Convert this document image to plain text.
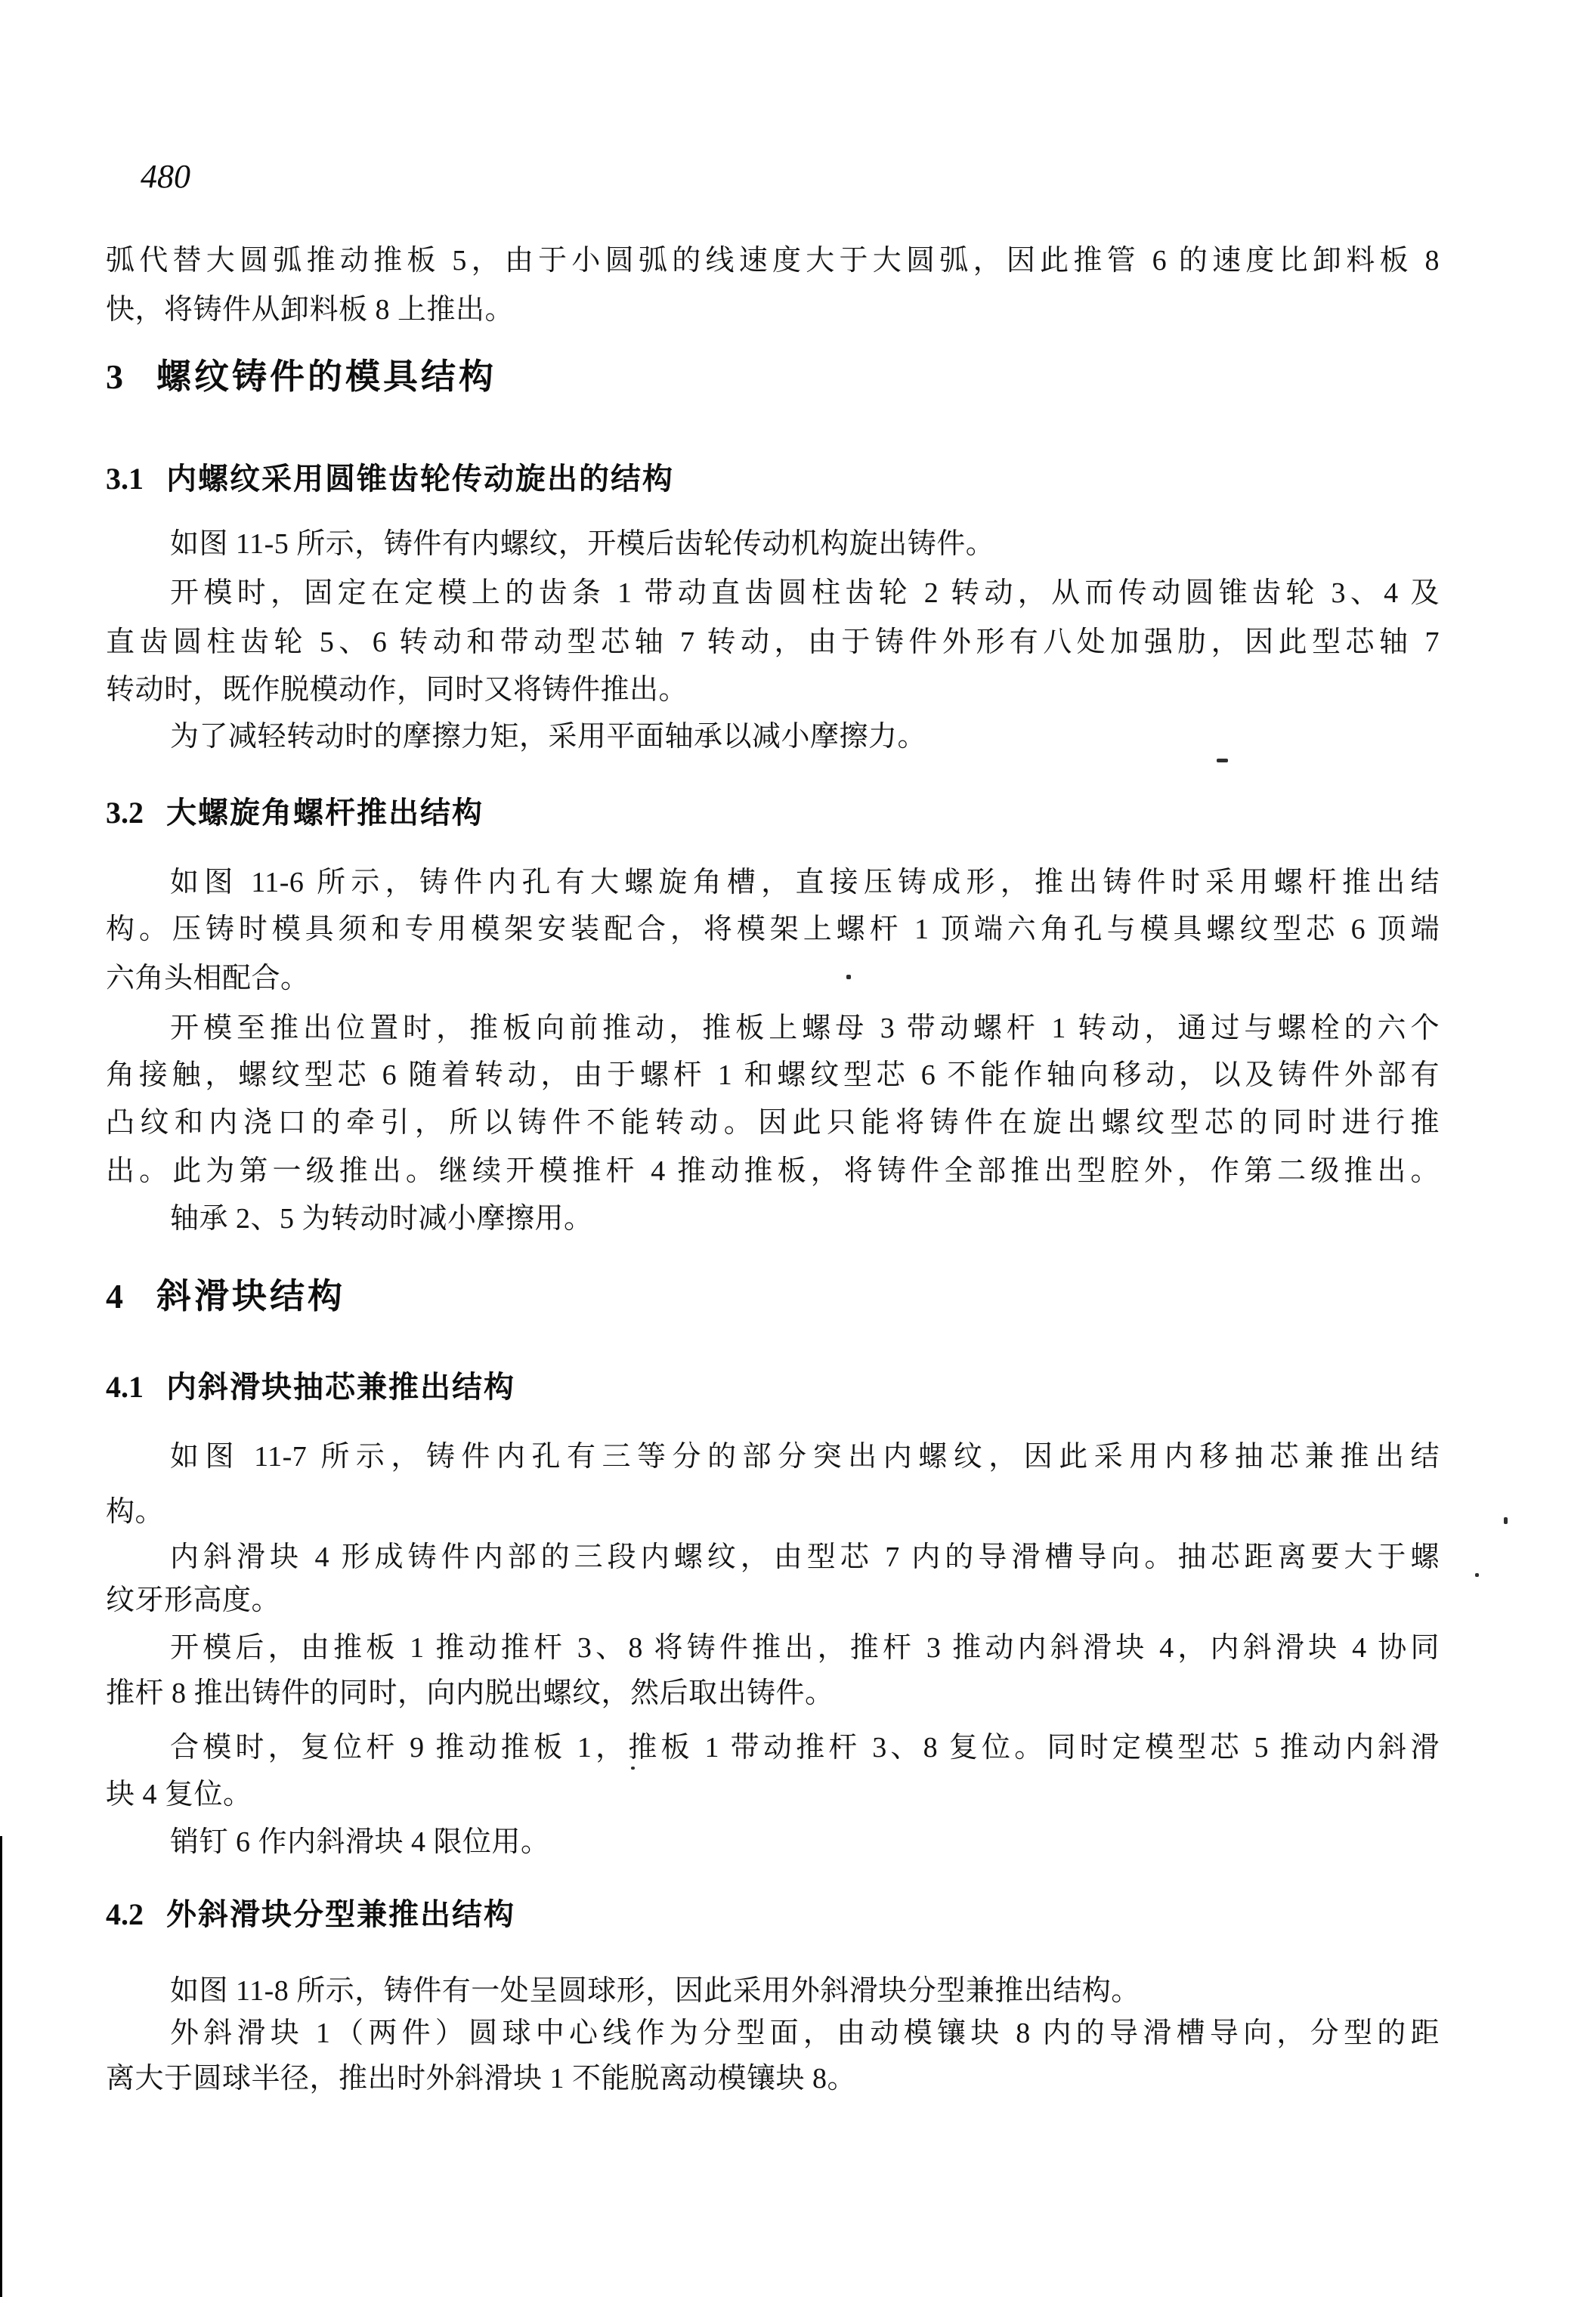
480
弧代替大圆弧推动推板 5，由于小圆弧的线速度大于大圆弧，因此推管 6 的速度比卸料板 8
快，将铸件从卸料板 8 上推出。
3 螺纹铸件的模具结构
3.1 内螺纹采用圆锥齿轮传动旋出的结构
如图 11-5 所示，铸件有内螺纹，开模后齿轮传动机构旋出铸件。
开模时，固定在定模上的齿条 1 带动直齿圆柱齿轮 2 转动，从而传动圆锥齿轮 3、4 及
直齿圆柱齿轮 5、6 转动和带动型芯轴 7 转动，由于铸件外形有八处加强肋，因此型芯轴 7
转动时，既作脱模动作，同时又将铸件推出。
为了减轻转动时的摩擦力矩，采用平面轴承以减小摩擦力。
3.2 大螺旋角螺杆推出结构
如图 11-6 所示，铸件内孔有大螺旋角槽，直接压铸成形，推出铸件时采用螺杆推出结
构。压铸时模具须和专用模架安装配合，将模架上螺杆 1 顶端六角孔与模具螺纹型芯 6 顶端
六角头相配合。
开模至推出位置时，推板向前推动，推板上螺母 3 带动螺杆 1 转动，通过与螺栓的六个
角接触，螺纹型芯 6 随着转动，由于螺杆 1 和螺纹型芯 6 不能作轴向移动，以及铸件外部有
凸纹和内浇口的牵引，所以铸件不能转动。因此只能将铸件在旋出螺纹型芯的同时进行推
出。此为第一级推出。继续开模推杆 4 推动推板，将铸件全部推出型腔外，作第二级推出。
轴承 2、5 为转动时减小摩擦用。
4 斜滑块结构
4.1 内斜滑块抽芯兼推出结构
如图 11-7 所示，铸件内孔有三等分的部分突出内螺纹，因此采用内移抽芯兼推出结
构。
内斜滑块 4 形成铸件内部的三段内螺纹，由型芯 7 内的导滑槽导向。抽芯距离要大于螺
纹牙形高度。
开模后，由推板 1 推动推杆 3、8 将铸件推出，推杆 3 推动内斜滑块 4，内斜滑块 4 协同
推杆 8 推出铸件的同时，向内脱出螺纹，然后取出铸件。
合模时，复位杆 9 推动推板 1，推板 1 带动推杆 3、8 复位。同时定模型芯 5 推动内斜滑
块 4 复位。
销钉 6 作内斜滑块 4 限位用。
4.2 外斜滑块分型兼推出结构
如图 11-8 所示，铸件有一处呈圆球形，因此采用外斜滑块分型兼推出结构。
外斜滑块 1（两件）圆球中心线作为分型面，由动模镶块 8 内的导滑槽导向，分型的距
离大于圆球半径，推出时外斜滑块 1 不能脱离动模镶块 8。
